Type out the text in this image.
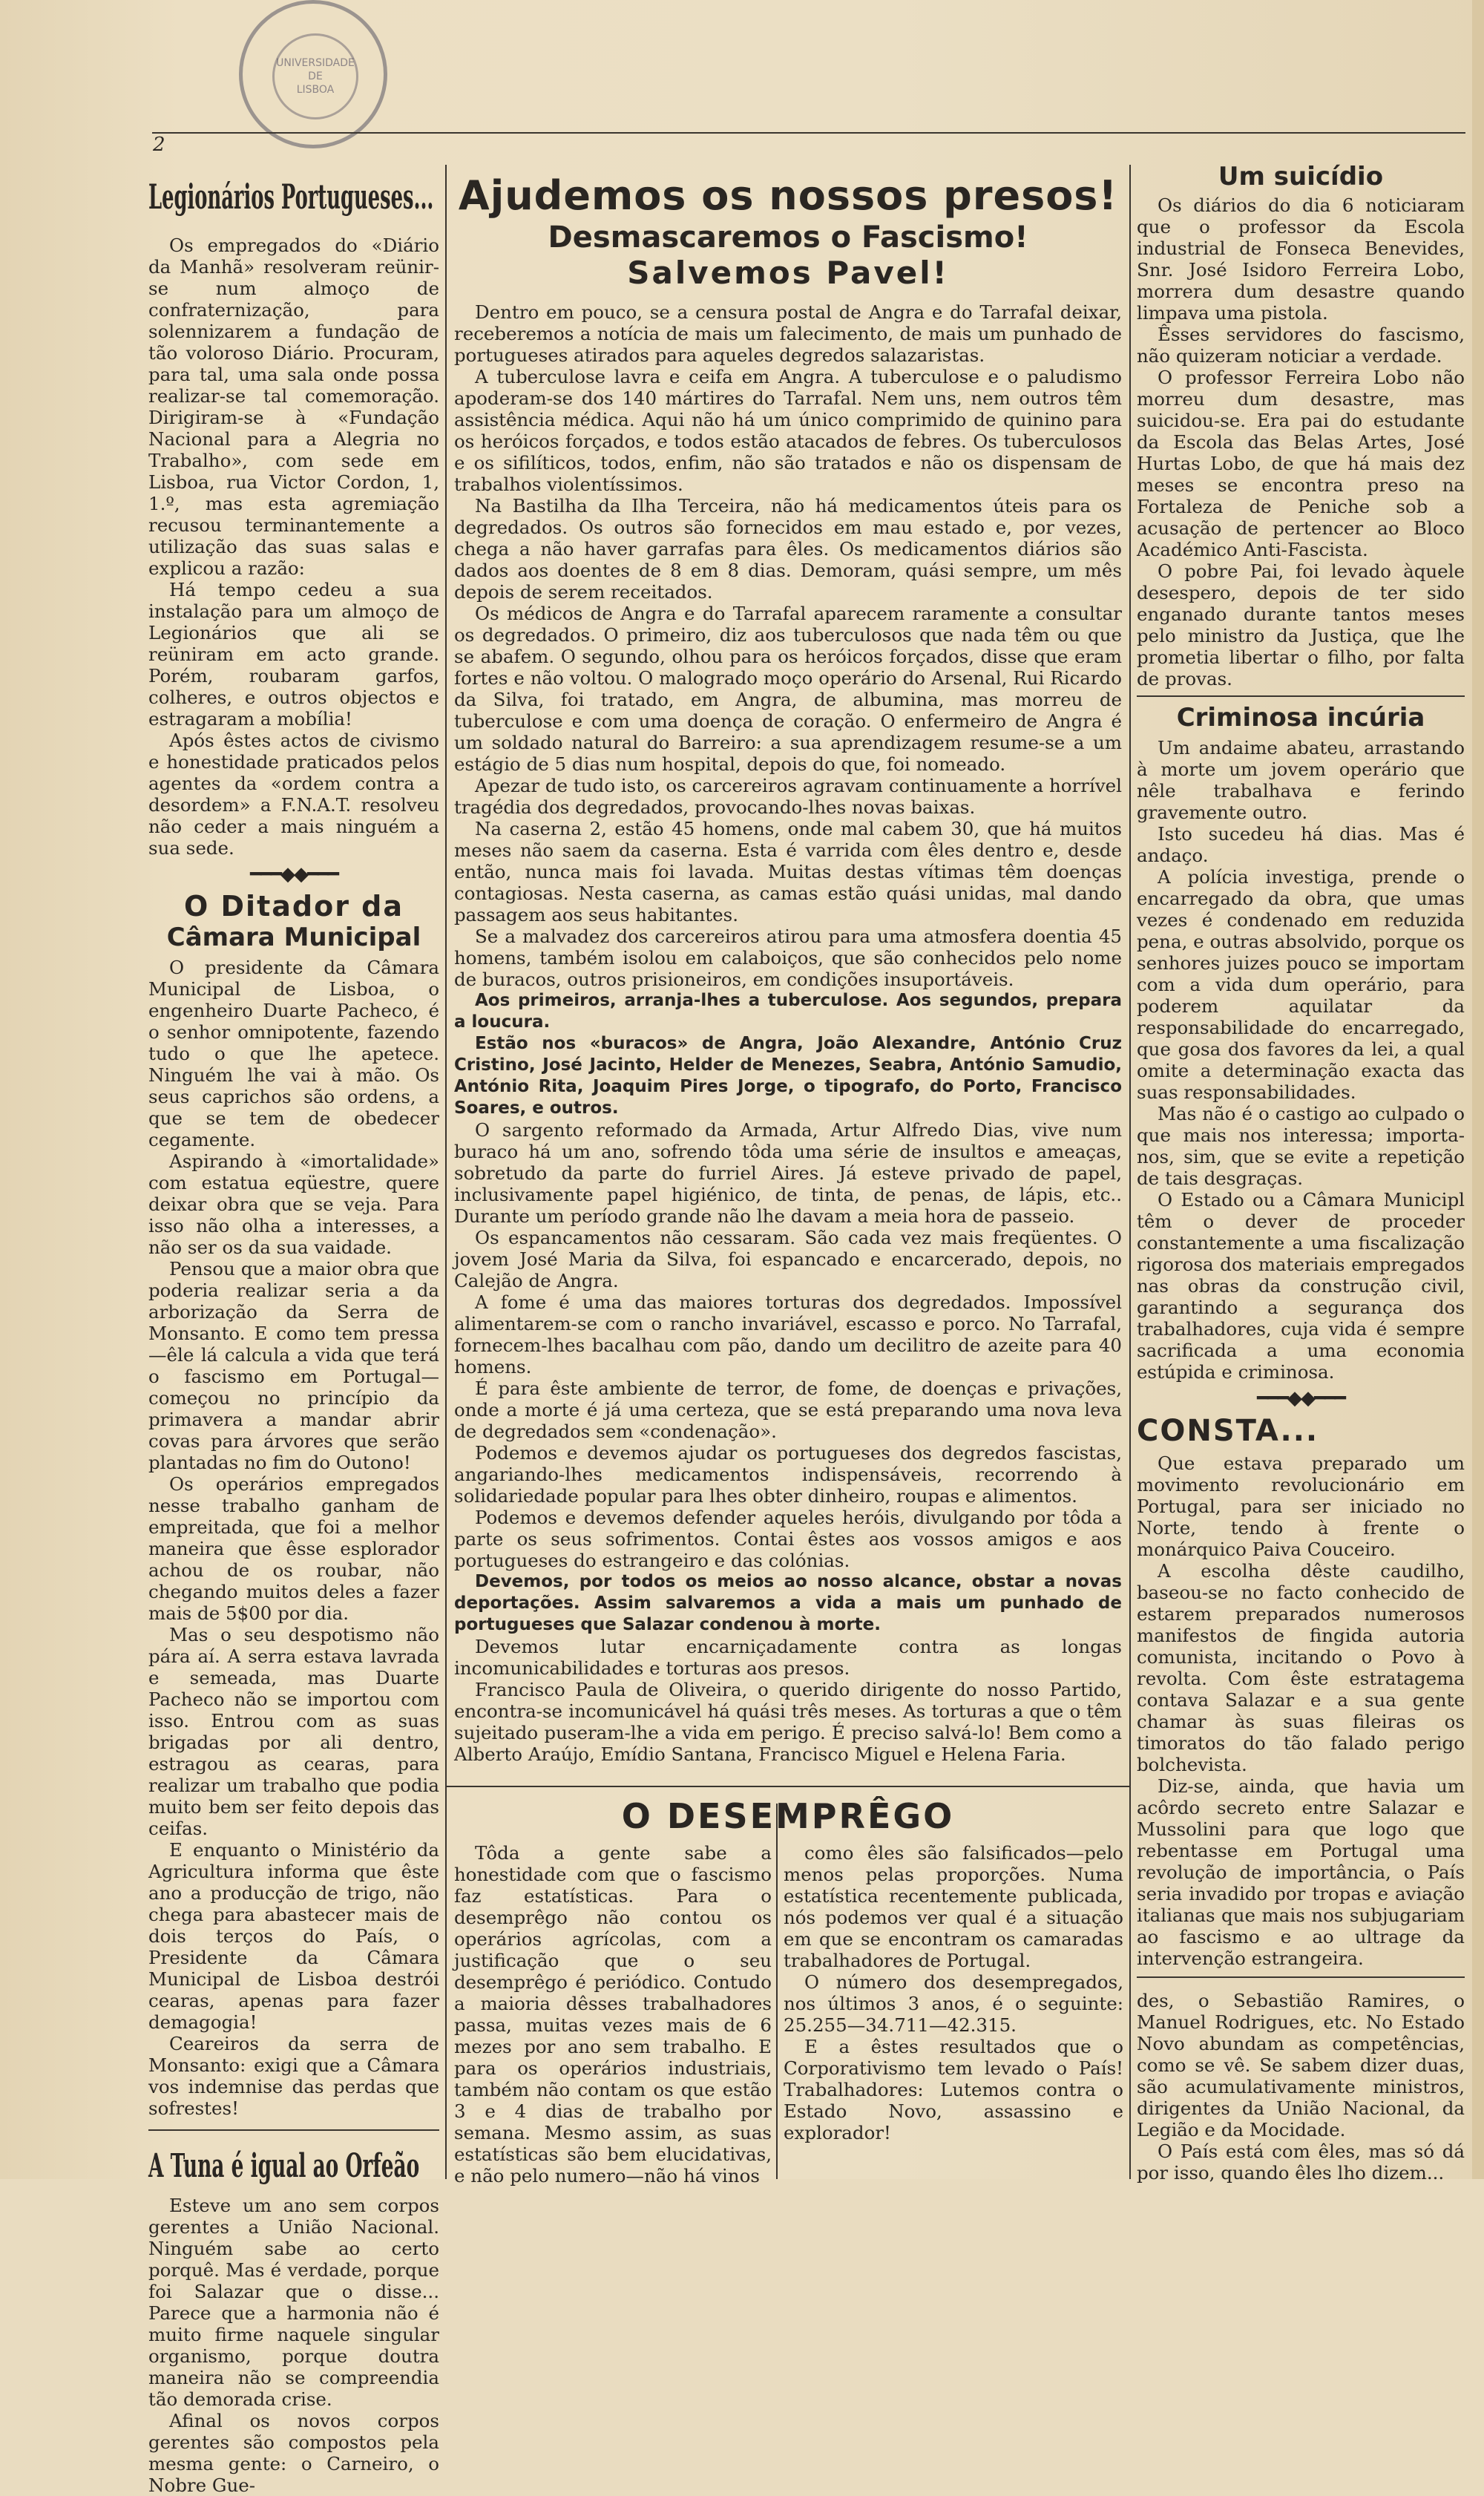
UNIVERSIDADE
DE
LISBOA
2
Legionários Portugueses...

Os empregados do «Diário da Manhã» resolveram reünir-se num almoço de confraternização, para solennizarem a fundação de tão voloroso Diário. Procuram, para tal, uma sala onde possa realizar-se tal comemoração. Dirigiram-se à «Fundação Nacional para a Alegria no Trabalho», com sede em Lisboa, rua Victor Cordon, 1, 1.º, mas esta agremiação recusou terminantemente a utilização das suas salas e explicou a razão:

Há tempo cedeu a sua instalação para um almoço de Legionários que ali se reüniram em acto grande. Porém, roubaram garfos, colheres, e outros objectos e estragaram a mobília!

Após êstes actos de civismo e honestidade praticados pelos agentes da «ordem contra a desordem» a F.N.A.T. resolveu não ceder a mais ninguém a sua sede.

━━━◆◆━━━
O Ditador da
Câmara Municipal

O presidente da Câmara Municipal de Lisboa, o engenheiro Duarte Pacheco, é o senhor omnipotente, fazendo tudo o que lhe apetece. Ninguém lhe vai à mão. Os seus caprichos são ordens, a que se tem de obedecer cegamente.

Aspirando à «imortalidade» com estatua eqüestre, quere deixar obra que se veja. Para isso não olha a interesses, a não ser os da sua vaidade.

Pensou que a maior obra que poderia realizar seria a da arborização da Serra de Monsanto. E como tem pressa—êle lá calcula a vida que terá o fascismo em Portugal—começou no princípio da primavera a mandar abrir covas para árvores que serão plantadas no fim do Outono!

Os operários empregados nesse trabalho ganham de empreitada, que foi a melhor maneira que êsse esplorador achou de os roubar, não chegando muitos deles a fazer mais de 5$00 por dia.

Mas o seu despotismo não pára aí. A serra estava lavrada e semeada, mas Duarte Pacheco não se importou com isso. Entrou com as suas brigadas por ali dentro, estragou as cearas, para realizar um trabalho que podia muito bem ser feito depois das ceifas.

E enquanto o Ministério da Agricultura informa que êste ano a producção de trigo, não chega para abastecer mais de dois terços do País, o Presidente da Câmara Municipal de Lisboa destrói cearas, apenas para fazer demagogia!

Ceareiros da serra de Monsanto: exigi que a Câmara vos indemnise das perdas que sofrestes!

A Tuna é igual ao Orfeão

Esteve um ano sem corpos gerentes a União Nacional. Ninguém sabe ao certo porquê. Mas é verdade, porque foi Salazar que o disse... Parece que a harmonia não é muito firme naquele singular organismo, porque doutra maneira não se compreendia tão demorada crise.

Afinal os novos corpos gerentes são compostos pela mesma gente: o Carneiro, o Nobre Gue-

Ajudemos os nossos presos!
Desmascaremos o Fascismo!
Salvemos Pavel!

Dentro em pouco, se a censura postal de Angra e do Tarrafal deixar, receberemos a notícia de mais um falecimento, de mais um punhado de portugueses atirados para aqueles degredos salazaristas.

A tuberculose lavra e ceifa em Angra. A tuberculose e o paludismo apoderam-se dos 140 mártires do Tarrafal. Nem uns, nem outros têm assistência médica. Aqui não há um único comprimido de quinino para os heróicos forçados, e todos estão atacados de febres. Os tuberculosos e os sifilíticos, todos, enfim, não são tratados e não os dispensam de trabalhos violentíssimos.

Na Bastilha da Ilha Terceira, não há medicamentos úteis para os degredados. Os outros são fornecidos em mau estado e, por vezes, chega a não haver garrafas para êles. Os medicamentos diários são dados aos doentes de 8 em 8 dias. Demoram, quási sempre, um mês depois de serem receitados.

Os médicos de Angra e do Tarrafal aparecem raramente a consultar os degredados. O primeiro, diz aos tuberculosos que nada têm ou que se abafem. O segundo, olhou para os heróicos forçados, disse que eram fortes e não voltou. O malogrado moço operário do Arsenal, Rui Ricardo da Silva, foi tratado, em Angra, de albumina, mas morreu de tuberculose e com uma doença de coração. O enfermeiro de Angra é um soldado natural do Barreiro: a sua aprendizagem resume-se a um estágio de 5 dias num hospital, depois do que, foi nomeado.

Apezar de tudo isto, os carcereiros agravam continuamente a horrível tragédia dos degredados, provocando-lhes novas baixas.

Na caserna 2, estão 45 homens, onde mal cabem 30, que há muitos meses não saem da caserna. Esta é varrida com êles dentro e, desde então, nunca mais foi lavada. Muitas destas vítimas têm doenças contagiosas. Nesta caserna, as camas estão quási unidas, mal dando passagem aos seus habitantes.

Se a malvadez dos carcereiros atirou para uma atmosfera doentia 45 homens, também isolou em calaboiços, que são conhecidos pelo nome de buracos, outros prisioneiros, em condições insuportáveis.

Aos primeiros, arranja-lhes a tuberculose. Aos segundos, prepara a loucura.

Estão nos «buracos» de Angra, João Alexandre, António Cruz Cristino, José Jacinto, Helder de Menezes, Seabra, António Samudio, António Rita, Joaquim Pires Jorge, o tipografo, do Porto, Francisco Soares, e outros.

O sargento reformado da Armada, Artur Alfredo Dias, vive num buraco há um ano, sofrendo tôda uma série de insultos e ameaças, sobretudo da parte do furriel Aires. Já esteve privado de papel, inclusivamente papel higiénico, de tinta, de penas, de lápis, etc.. Durante um período grande não lhe davam a meia hora de passeio.

Os espancamentos não cessaram. São cada vez mais freqüentes. O jovem José Maria da Silva, foi espancado e encarcerado, depois, no Calejão de Angra.

A fome é uma das maiores torturas dos degredados. Impossível alimentarem-se com o rancho invariável, escasso e porco. No Tarrafal, fornecem-lhes bacalhau com pão, dando um decilitro de azeite para 40 homens.

É para êste ambiente de terror, de fome, de doenças e privações, onde a morte é já uma certeza, que se está preparando uma nova leva de degredados sem «condenação».

Podemos e devemos ajudar os portugueses dos degredos fascistas, angariando-lhes medicamentos indispensáveis, recorrendo à solidariedade popular para lhes obter dinheiro, roupas e alimentos.

Podemos e devemos defender aqueles heróis, divulgando por tôda a parte os seus sofrimentos. Contai êstes aos vossos amigos e aos portugueses do estrangeiro e das colónias.

Devemos, por todos os meios ao nosso alcance, obstar a novas deportações. Assim salvaremos a vida a mais um punhado de portugueses que Salazar condenou à morte.

Devemos lutar encarniçadamente contra as longas incomunicabilidades e torturas aos presos.

Francisco Paula de Oliveira, o querido dirigente do nosso Partido, encontra-se incomunicável há quási três meses. As torturas a que o têm sujeitado puseram-lhe a vida em perigo. É preciso salvá-lo! Bem como a Alberto Araújo, Emídio Santana, Francisco Miguel e Helena Faria.

O DESEMPRÊGO

Tôda a gente sabe a honestidade com que o fascismo faz estatísticas. Para o desemprêgo não contou os operários agrícolas, com a justificação que o seu desemprêgo é periódico. Contudo a maioria dêsses trabalhadores passa, muitas vezes mais de 6 mezes por ano sem trabalho. E para os operários industriais, também não contam os que estão 3 e 4 dias de trabalho por semana. Mesmo assim, as suas estatísticas são bem elucidativas, e não pelo numero—não há vinos

como êles são falsificados—pelo menos pelas proporções. Numa estatística recentemente publicada, nós podemos ver qual é a situação em que se encontram os camaradas trabalhadores de Portugal.

O número dos desempregados, nos últimos 3 anos, é o seguinte: 25.255—34.711—42.315.

E a êstes resultados que o Corporativismo tem levado o País! Trabalhadores: Lutemos contra o Estado Novo, assassino e explorador!

Um suicídio

Os diários do dia 6 noticiaram que o professor da Escola industrial de Fonseca Benevides, Snr. José Isidoro Ferreira Lobo, morrera dum desastre quando limpava uma pistola.

Êsses servidores do fascismo, não quizeram noticiar a verdade.

O professor Ferreira Lobo não morreu dum desastre, mas suicidou-se. Era pai do estudante da Escola das Belas Artes, José Hurtas Lobo, de que há mais dez meses se encontra preso na Fortaleza de Peniche sob a acusação de pertencer ao Bloco Académico Anti-Fascista.

O pobre Pai, foi levado àquele desespero, depois de ter sido enganado durante tantos meses pelo ministro da Justiça, que lhe prometia libertar o filho, por falta de provas.

Criminosa incúria

Um andaime abateu, arrastando à morte um jovem operário que nêle trabalhava e ferindo gravemente outro.

Isto sucedeu há dias. Mas é andaço.

A polícia investiga, prende o encarregado da obra, que umas vezes é condenado em reduzida pena, e outras absolvido, porque os senhores juizes pouco se importam com a vida dum operário, para poderem aquilatar da responsabilidade do encarregado, que gosa dos favores da lei, a qual omite a determinação exacta das suas responsabilidades.

Mas não é o castigo ao culpado o que mais nos interessa; importa-nos, sim, que se evite a repetição de tais desgraças.

O Estado ou a Câmara Municipl têm o dever de proceder constantemente a uma fiscalização rigorosa dos materiais empregados nas obras da construção civil, garantindo a segurança dos trabalhadores, cuja vida é sempre sacrificada a uma economia estúpida e criminosa.

━━━◆◆━━━
CONSTA...

Que estava preparado um movimento revolucionário em Portugal, para ser iniciado no Norte, tendo à frente o monárquico Paiva Couceiro.

A escolha dêste caudilho, baseou-se no facto conhecido de estarem preparados numerosos manifestos de fingida autoria comunista, incitando o Povo à revolta. Com êste estratagema contava Salazar e a sua gente chamar às suas fileiras os timoratos do tão falado perigo bolchevista.

Diz-se, ainda, que havia um acôrdo secreto entre Salazar e Mussolini para que logo que rebentasse em Portugal uma revolução de importância, o País seria invadido por tropas e aviação italianas que mais nos subjugariam ao fascismo e ao ultrage da intervenção estrangeira.

des, o Sebastião Ramires, o Manuel Rodrigues, etc. No Estado Novo abundam as competências, como se vê. Se sabem dizer duas, são acumulativamente ministros, dirigentes da União Nacional, da Legião e da Mocidade.

O País está com êles, mas só dá por isso, quando êles lho dizem...
